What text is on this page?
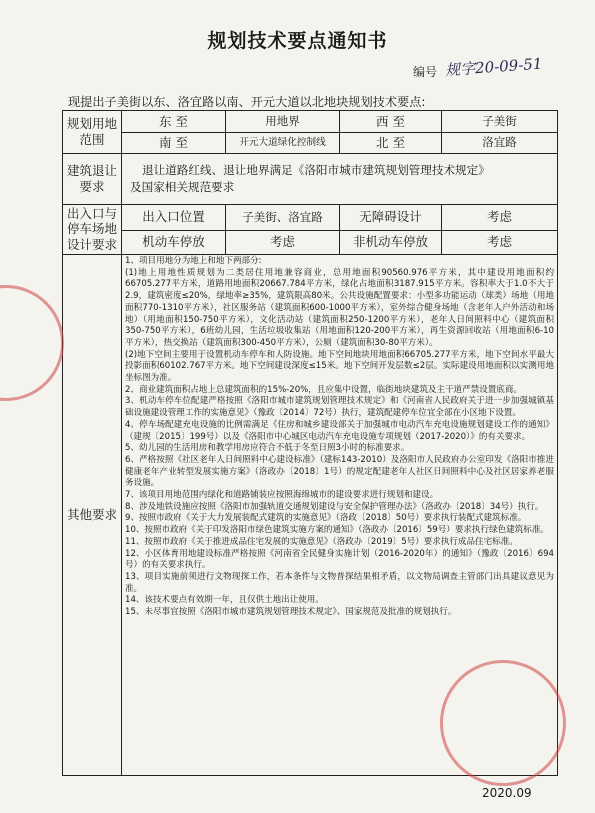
规划技术要点通知书
编号 规字20-09-51
现提出子美街以东、洛宜路以南、开元大道以北地块规划技术要点:
规划用地范围
东 至	用地界	西 至	子美街
南 至	开元大道绿化控制线	北 至	洛宜路
建筑退让要求
退让道路红线、退让地界满足《洛阳市城市建筑规划管理技术规定》
及国家相关规范要求
出入口与停车场地设计要求
出入口位置	子美街、洛宜路	无障碍设计	考虑
机动车停放	考虑	非机动车停放	考虑
其他要求

1、项目用地分为地上和地下两部分:

(1)地上用地性质规划为二类居住用地兼容商业，总用地面积90560.976平方米，其中建设用地面积约66705.277平方米，道路用地面积20667.784平方米，绿化占地面积3187.915平方米。容积率大于1.0不大于2.9，建筑密度≤20%，绿地率≥35%，建筑限高80米。公共设施配置要求：小型多功能运动（球类）场地（用地面积770-1310平方米），社区服务站（建筑面积600-1000平方米），室外综合健身场地（含老年人户外活动和场地）（用地面积150-750平方米），文化活动站（建筑面积250-1200平方米），老年人日间照料中心（建筑面积350-750平方米），6班幼儿园，生活垃圾收集站（用地面积120-200平方米），再生资源回收站（用地面积6-10平方米），热交换站（建筑面积300-450平方米），公厕（建筑面积30-80平方米）。

(2)地下空间主要用于设置机动车停车和人防设施。地下空间地块用地面积66705.277平方米，地下空间水平最大投影面积60102.767平方米。地下空间建设深度≤15米。地下空间开发层数≤2层。实际建设用地面积以实测用地坐标图为准。

2、商业建筑面积占地上总建筑面积的15%-20%，且应集中设置，临街地块建筑及主干道严禁设置底商。

3、机动车停车位配建严格按照《洛阳市城市建筑规划管理技术规定》和《河南省人民政府关于进一步加强城镇基础设施建设管理工作的实施意见》（豫政〔2014〕72号）执行，建筑配建停车位宜全部在小区地下设置。

4、停车场配建充电设施的比例需满足《住房和城乡建设部关于加强城市电动汽车充电设施规划建设工作的通知》（建规〔2015〕199号）以及《洛阳市中心城区电动汽车充电设施专项规划（2017-2020）》的有关要求。

5、幼儿园的生活用房和教学用房应符合不低于冬至日照3小时的标准要求。

6、严格按照《社区老年人日间照料中心建设标准》（建标143-2010）及洛阳市人民政府办公室印发《洛阳市推进健康老年产业转型发展实施方案》（洛政办〔2018〕1号）的规定配建老年人社区日间照料中心及社区居家养老服务设施。

7、该项目用地范围内绿化和道路铺装应按照海绵城市的建设要求进行规划和建设。

8、涉及地铁设施应按照《洛阳市加强轨道交通规划建设与安全保护管理办法》（洛政办〔2018〕34号）执行。

9、按照市政府《关于大力发展装配式建筑的实施意见》（洛政〔2018〕50号）要求执行装配式建筑标准。

10、按照市政府《关于印发洛阳市绿色建筑实施方案的通知》（洛政办〔2016〕59号）要求执行绿色建筑标准。

11、按照市政府《关于推进成品住宅发展的实施意见》（洛政办〔2019〕5号）要求执行成品住宅标准。

12、小区体育用地建设标准严格按照《河南省全民健身实施计划（2016-2020年）的通知》（豫政〔2016〕694号）的有关要求执行。

13、项目实施前须进行文物现探工作，若本条件与文物普探结果相矛盾，以文物局调查主管部门出具建议意见为准。

14、该技术要点有效期一年，且仅供土地出让使用。

15、未尽事宜按照《洛阳市城市建筑规划管理技术规定》、国家规范及批准的规划执行。

2020.09
